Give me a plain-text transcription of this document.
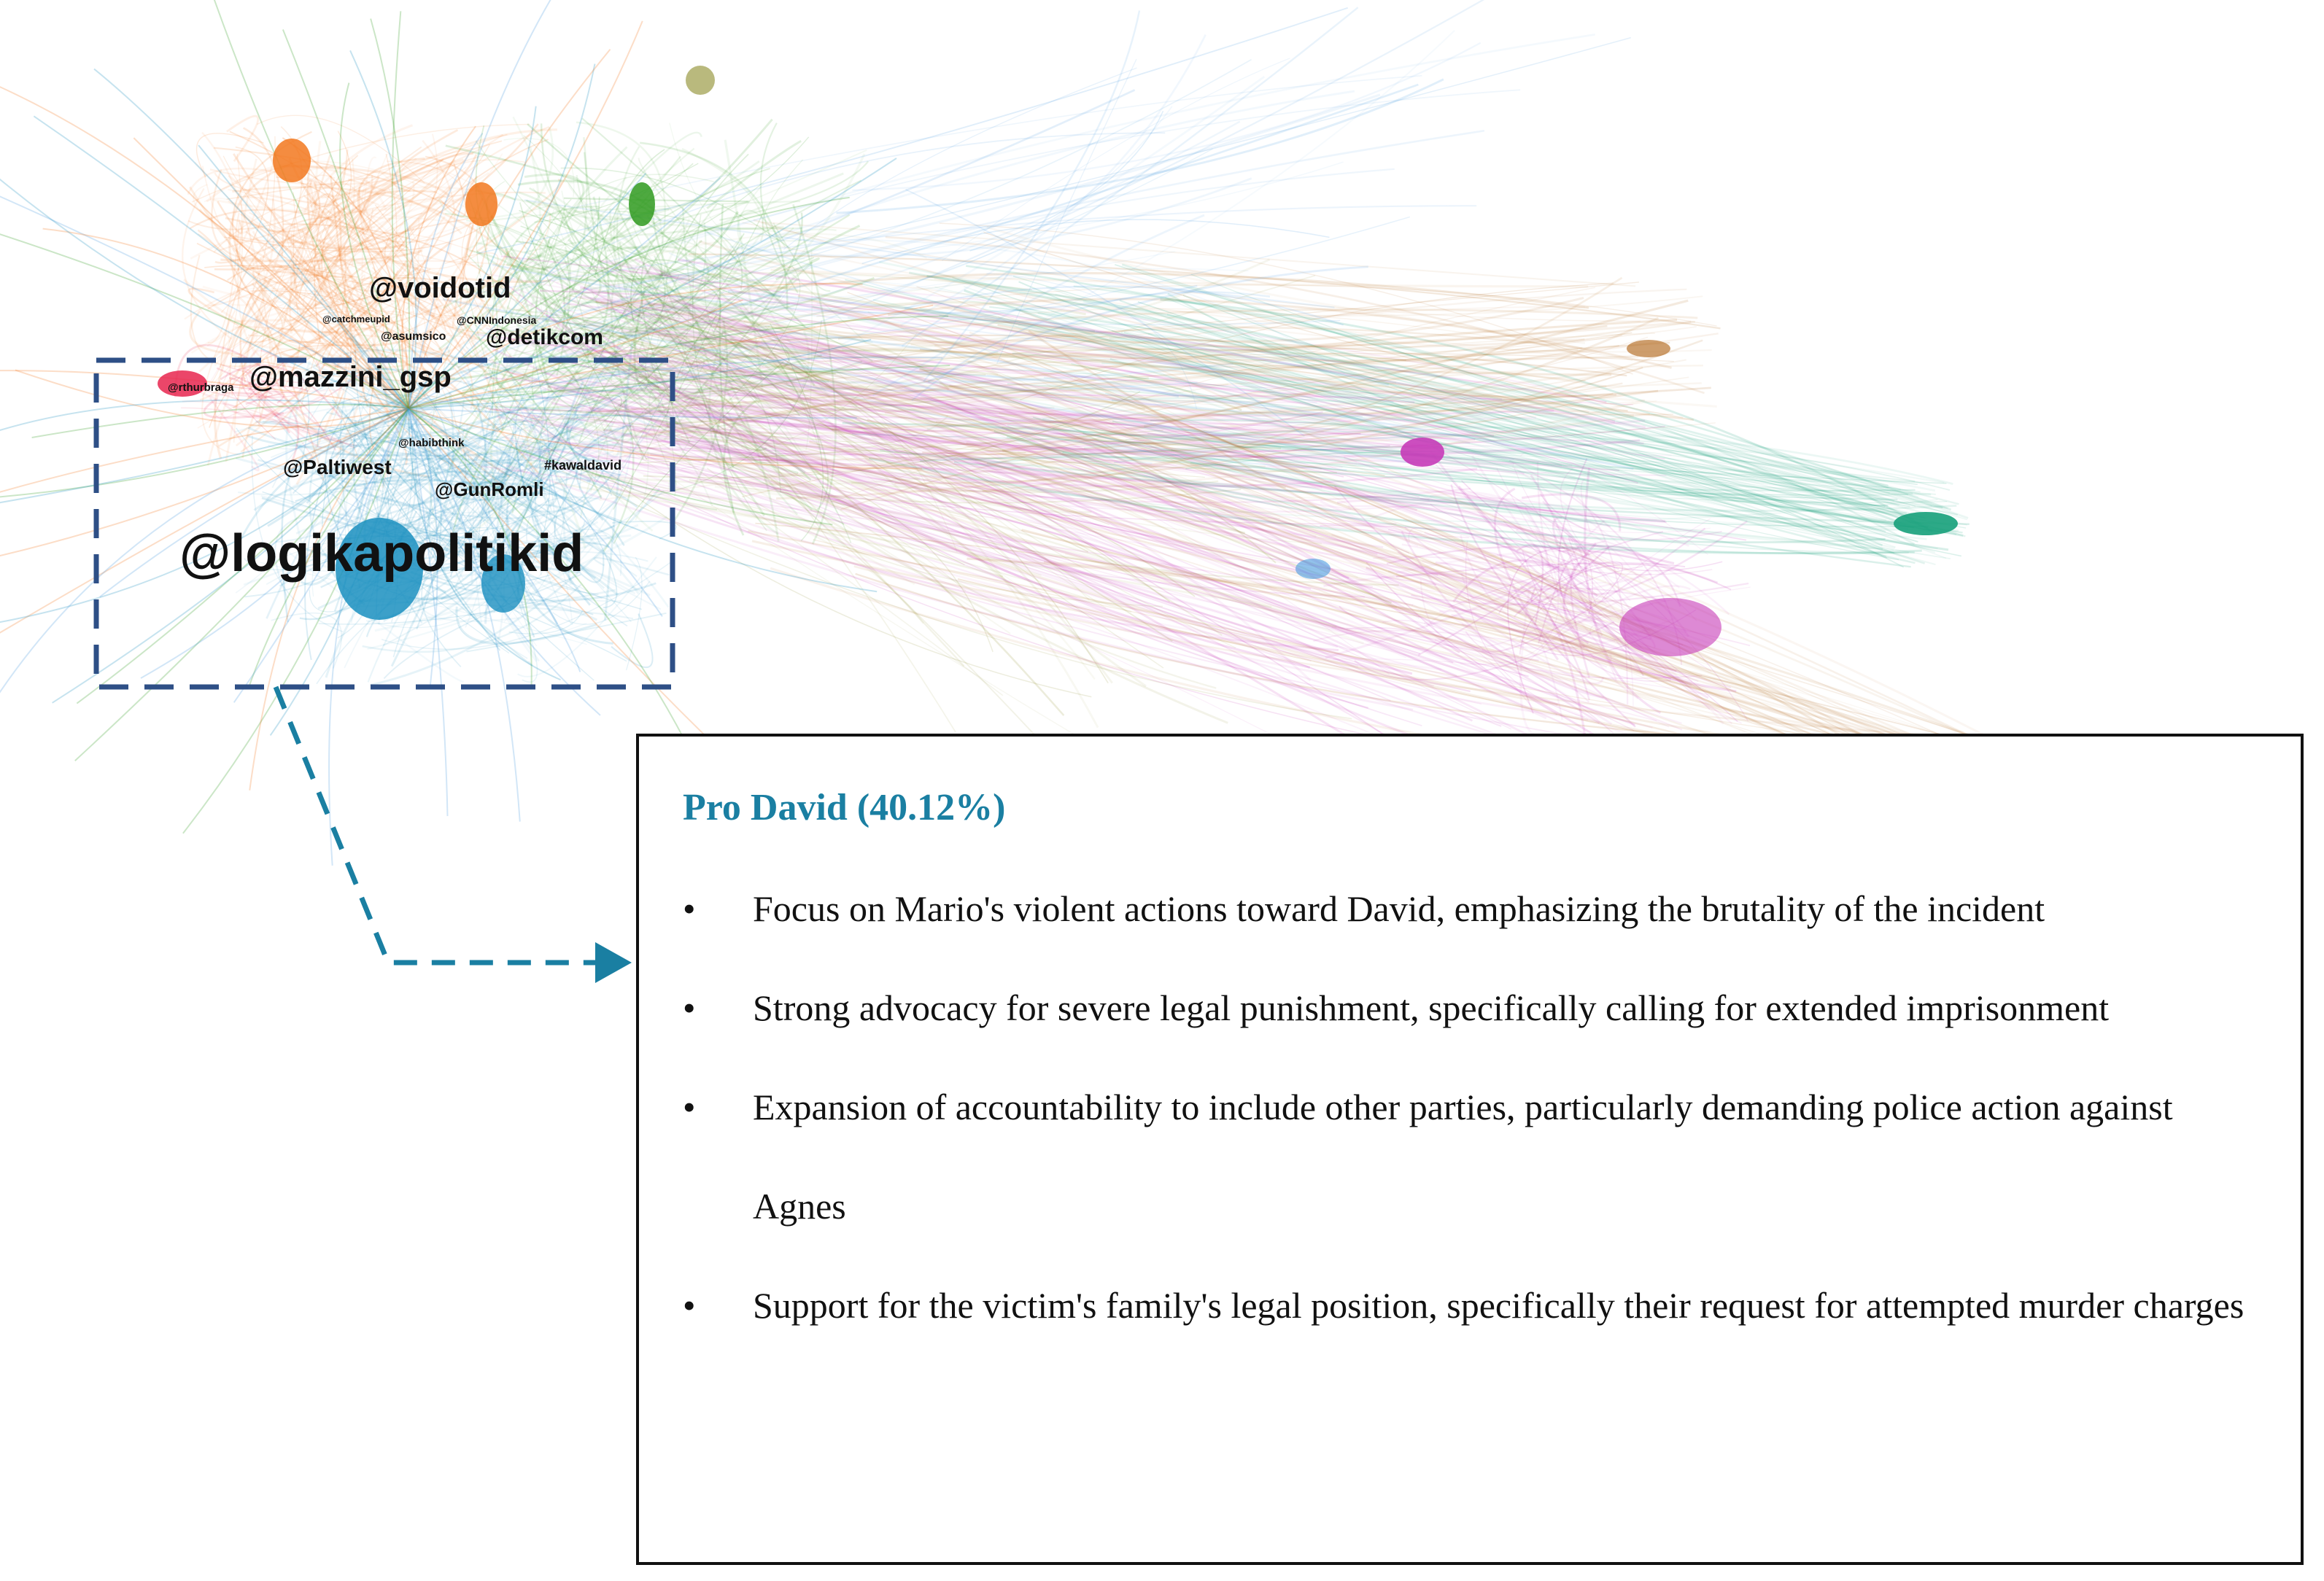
@logikapolitikid
@voidotid
@mazzini_gsp
@detikcom
@Paltiwest
@GunRomli
@asumsico
@CNNIndonesia
@catchmeupid
@rthurbraga
@habibthink
#kawaldavid

Pro David (40.12%)

• Focus on Mario's violent actions toward David, emphasizing the brutality of the incident
• Strong advocacy for severe legal punishment, specifically calling for extended imprisonment
• Expansion of accountability to include other parties, particularly demanding police action against Agnes
• Support for the victim's family's legal position, specifically their request for attempted murder charges
